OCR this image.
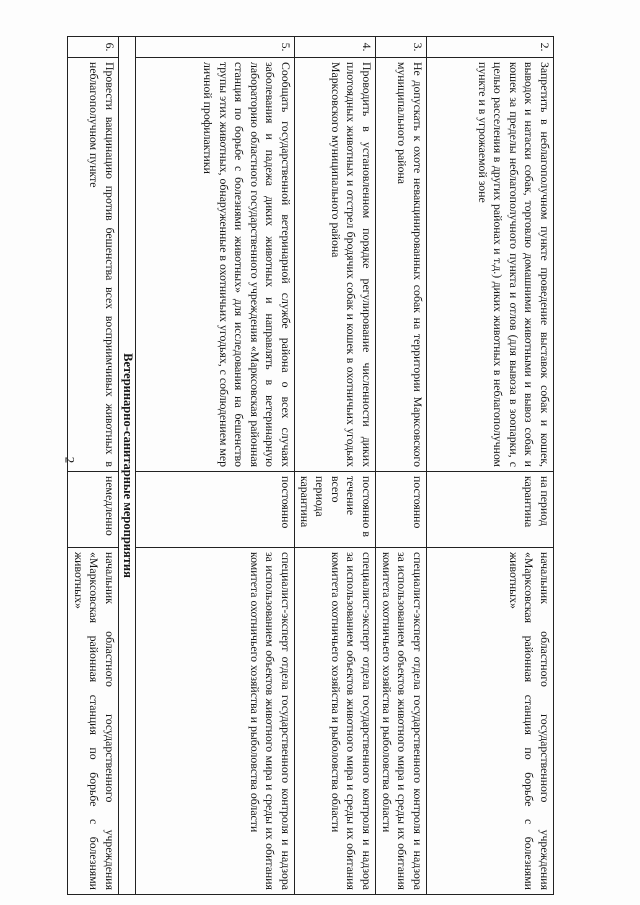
2
2.	Запретить в неблагополучном пункте проведение выставок собак и кошек, выводок и натаски собак, торговлю домашними животными и вывоз собак и кошек за пределы неблагополучного пункта и отлов (для вывоза в зоопарки, с целью расселения в других районах и т.д.) диких животных в неблагополучном пункте и в угрожаемой зоне	на период карантина	начальник областного государственного учреждения «Марксовская районная станция по борьбе с болезнями животных»
3.	Не допускать к охоте невакцинированных собак на территории Марксовского муниципального района	постоянно	специалист-эксперт отдела государственного контроля и надзора за использованием объектов животного мира и среды их обитания комитета охотничьего хозяйства и рыболовства области
4.	Проводить в установленном порядке регулирование численности диких плотоядных животных и отстрел бродячих собак и кошек в охотничьих угодьях Марксовского муниципального района	постоянно в течение всего периода карантина	специалист-эксперт отдела государственного контроля и надзора за использованием объектов животного мира и среды их обитания комитета охотничьего хозяйства и рыболовства области
5.	Сообщать государственной ветеринарной службе района о всех случаях заболевания и падежа диких животных и направлять в ветеринарную лабораторию областного государственного учреждения «Марксовская районная станция по борьбе с болезнями животных» для исследования на бешенство трупы этих животных, обнаруженные в охотничьих угодьях, с соблюдением мер личной профилактики	постоянно	специалист-эксперт отдела государственного контроля и надзора за использованием объектов животного мира и среды их обитания комитета охотничьего хозяйства и рыболовства области
Ветеринарно-санитарные мероприятия			
6.	Провести вакцинацию против бешенства всех восприимчивых животных в неблагополучном пункте	немедленно	начальник областного государственного учреждения «Марксовская районная станция по борьбе с болезнями животных»
